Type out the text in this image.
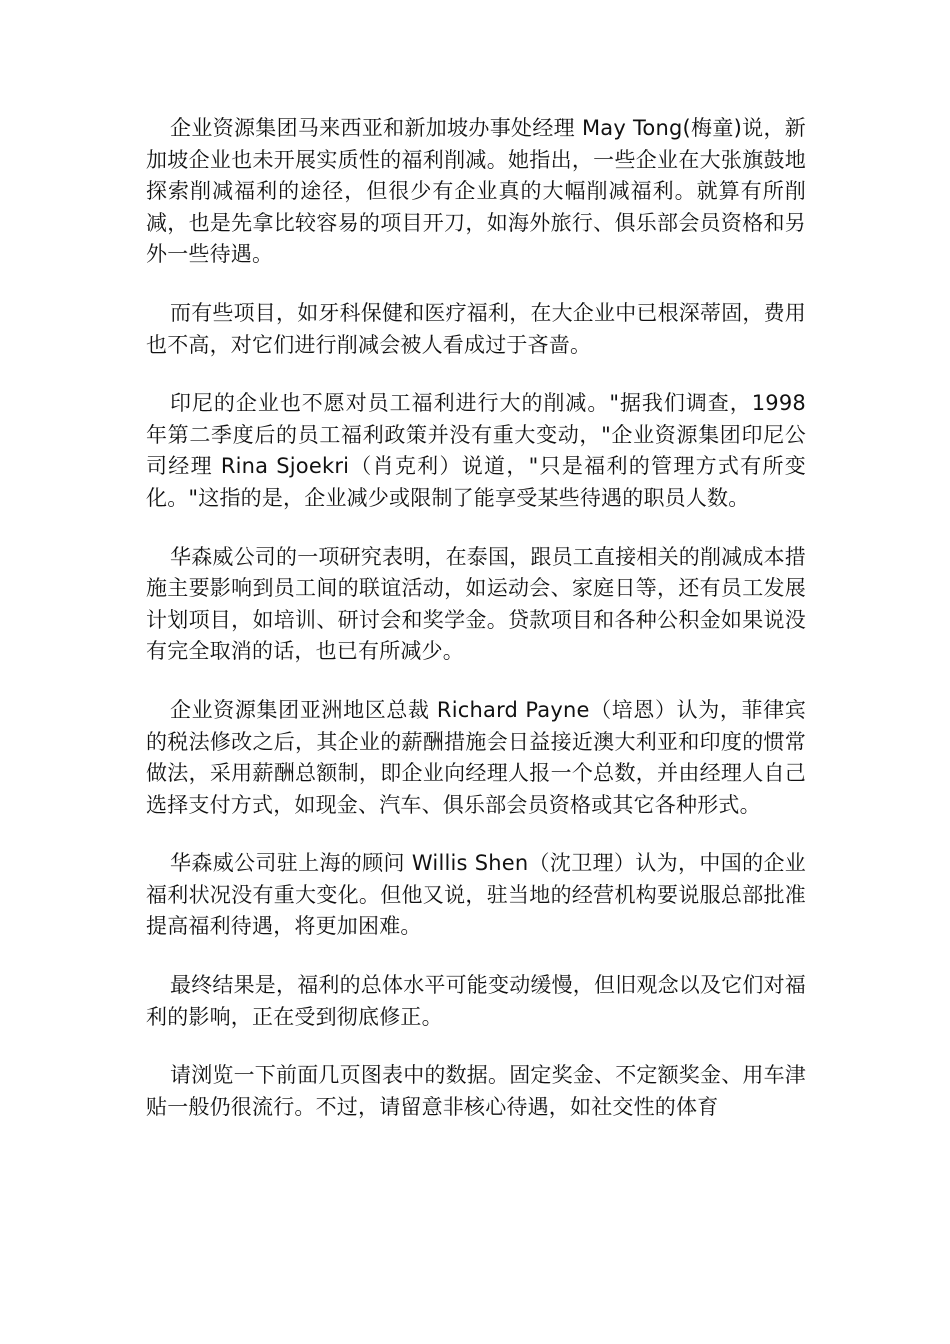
企业资源集团马来西亚和新加坡办事处经理 May Tong(梅童)说，新加坡企业也未开展实质性的福利削减。她指出，一些企业在大张旗鼓地探索削减福利的途径，但很少有企业真的大幅削减福利。就算有所削减，也是先拿比较容易的项目开刀，如海外旅行、俱乐部会员资格和另外一些待遇。

而有些项目，如牙科保健和医疗福利，在大企业中已根深蒂固，费用也不高，对它们进行削减会被人看成过于吝啬。

印尼的企业也不愿对员工福利进行大的削减。"据我们调查，1998 年第二季度后的员工福利政策并没有重大变动，"企业资源集团印尼公司经理 Rina Sjoekri（肖克利）说道，"只是福利的管理方式有所变化。"这指的是，企业减少或限制了能享受某些待遇的职员人数。

华森威公司的一项研究表明，在泰国，跟员工直接相关的削减成本措施主要影响到员工间的联谊活动，如运动会、家庭日等，还有员工发展计划项目，如培训、研讨会和奖学金。贷款项目和各种公积金如果说没有完全取消的话，也已有所减少。

企业资源集团亚洲地区总裁 Richard Payne（培恩）认为，菲律宾的税法修改之后，其企业的薪酬措施会日益接近澳大利亚和印度的惯常做法，采用薪酬总额制，即企业向经理人报一个总数，并由经理人自己选择支付方式，如现金、汽车、俱乐部会员资格或其它各种形式。

华森威公司驻上海的顾问 Willis Shen（沈卫理）认为，中国的企业福利状况没有重大变化。但他又说，驻当地的经营机构要说服总部批准提高福利待遇，将更加困难。

最终结果是，福利的总体水平可能变动缓慢，但旧观念以及它们对福利的影响，正在受到彻底修正。

请浏览一下前面几页图表中的数据。固定奖金、不定额奖金、用车津贴一般仍很流行。不过，请留意非核心待遇，如社交性的体育
